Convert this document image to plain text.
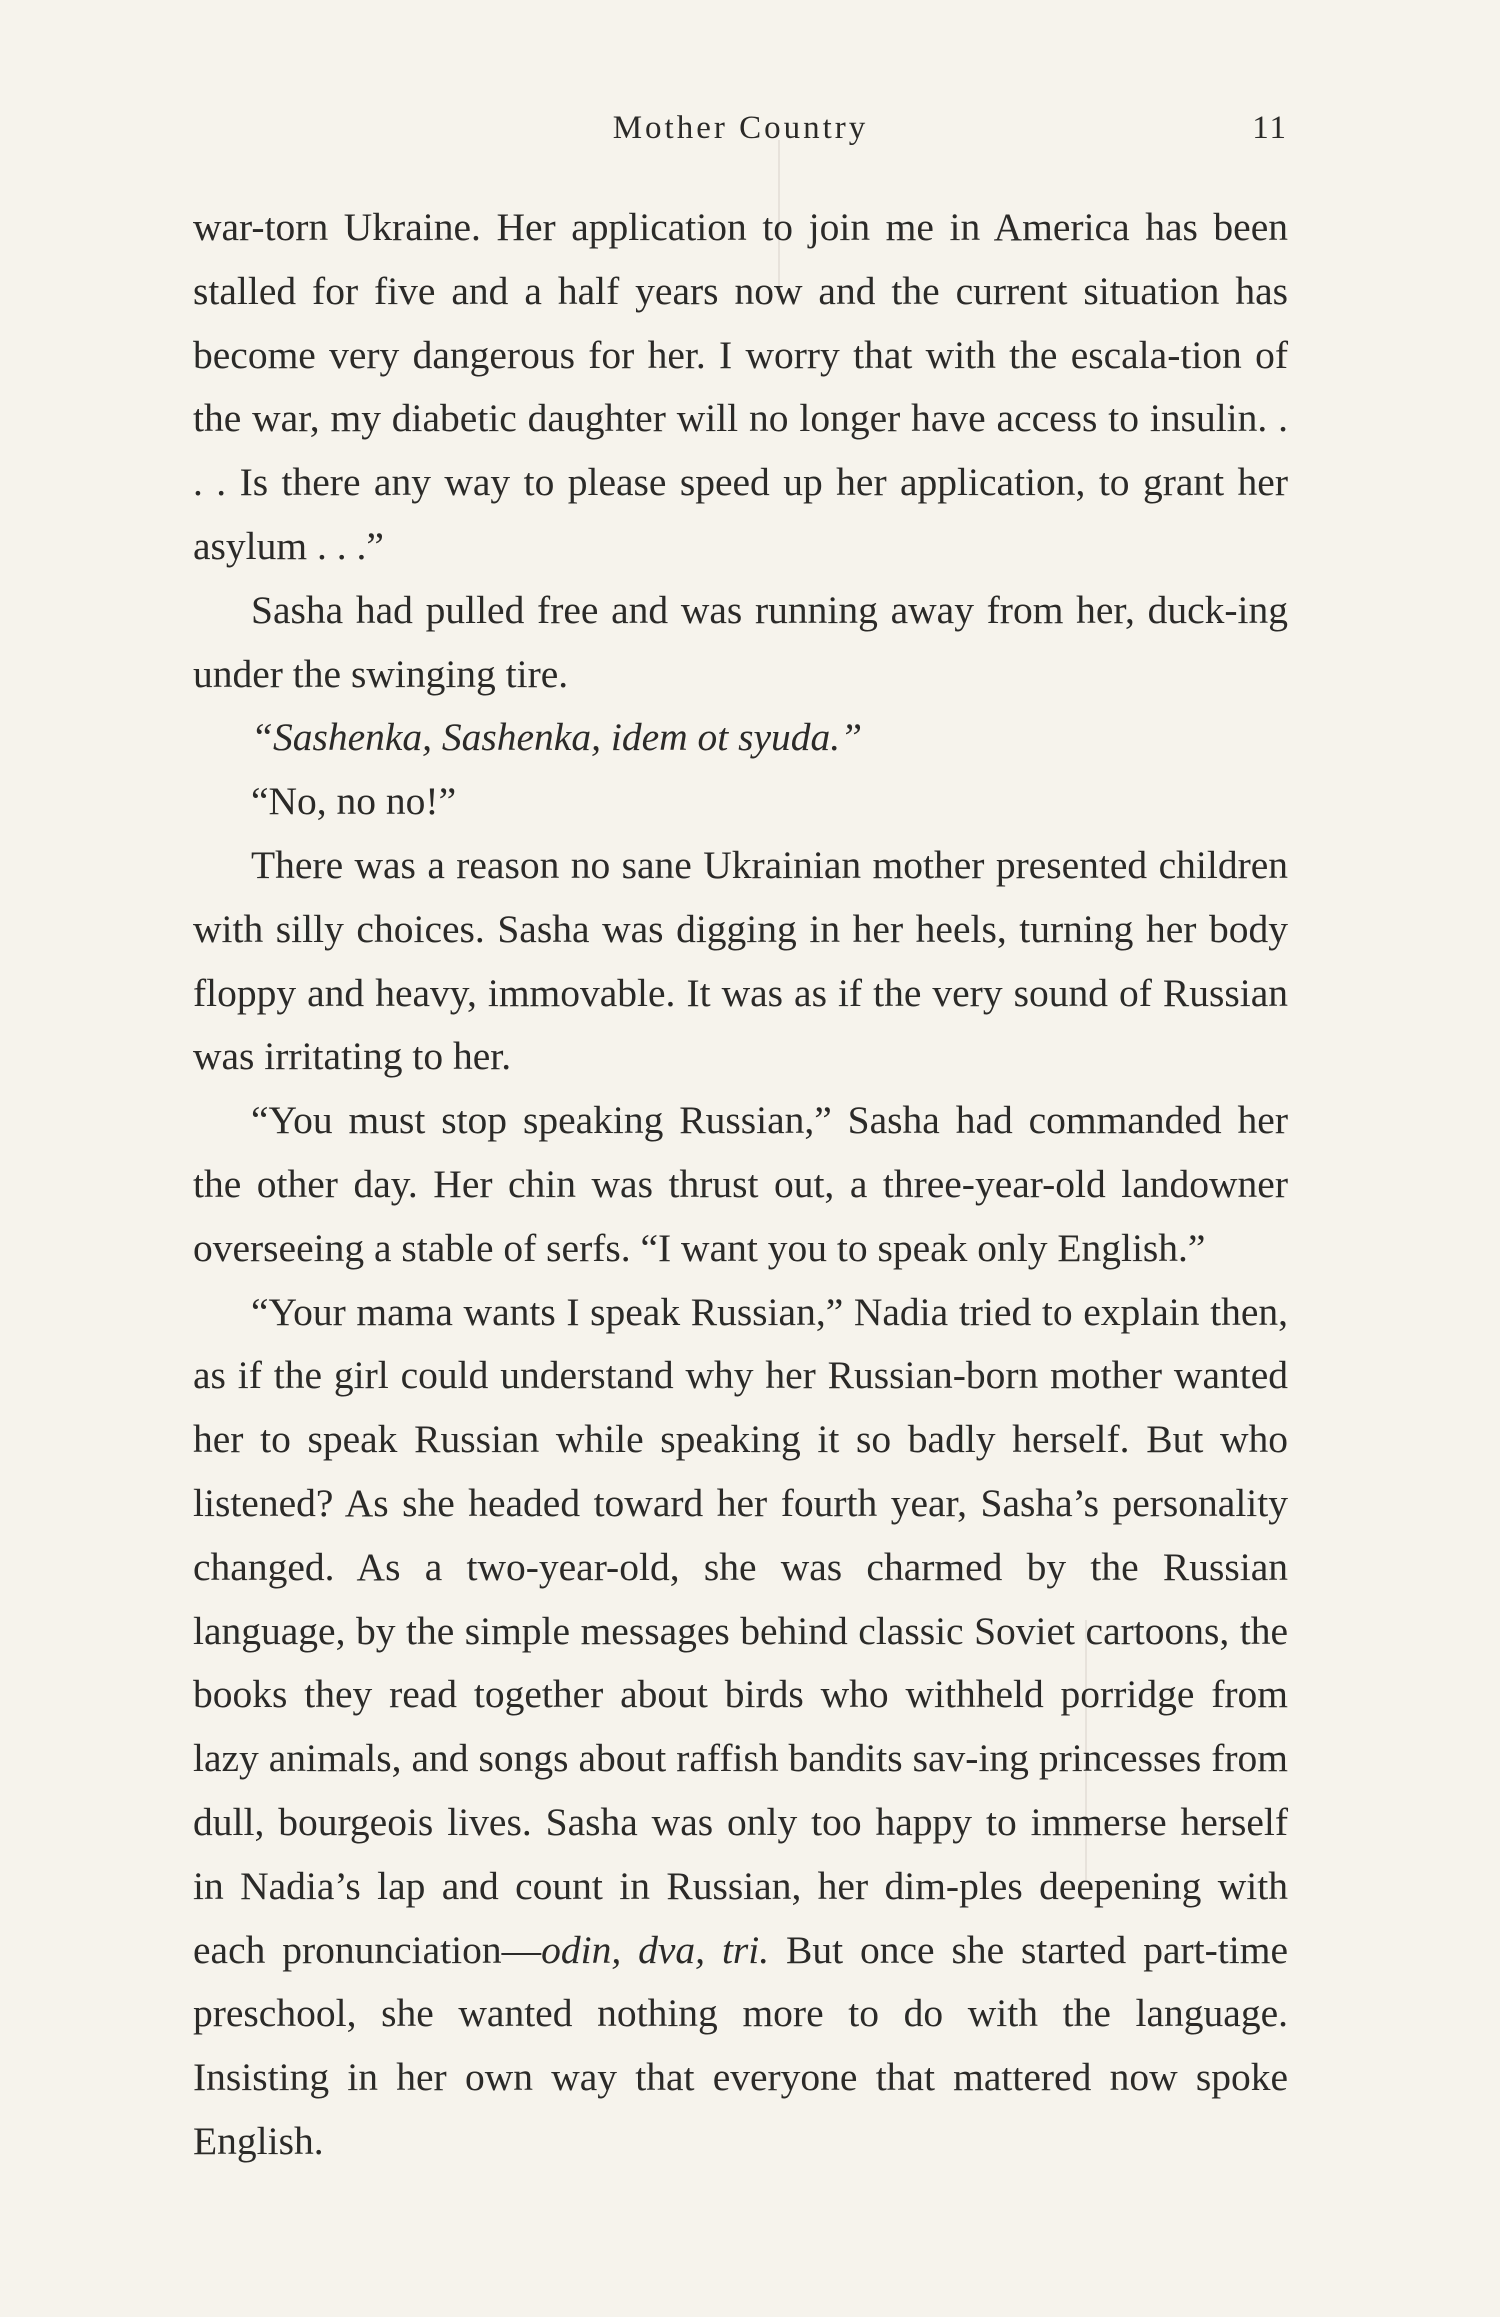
Mother Country	11

war-torn Ukraine. Her application to join me in America has been stalled for five and a half years now and the current situation has become very dangerous for her. I worry that with the escala-tion of the war, my diabetic daughter will no longer have access to insulin. . . . Is there any way to please speed up her application, to grant her asylum . . .”

Sasha had pulled free and was running away from her, duck-ing under the swinging tire.

“Sashenka, Sashenka, idem ot syuda.”

“No, no no!”

There was a reason no sane Ukrainian mother presented children with silly choices. Sasha was digging in her heels, turning her body floppy and heavy, immovable. It was as if the very sound of Russian was irritating to her.

“You must stop speaking Russian,” Sasha had commanded her the other day. Her chin was thrust out, a three-year-old landowner overseeing a stable of serfs. “I want you to speak only English.”

“Your mama wants I speak Russian,” Nadia tried to explain then, as if the girl could understand why her Russian-born mother wanted her to speak Russian while speaking it so badly herself. But who listened? As she headed toward her fourth year, Sasha’s personality changed. As a two-year-old, she was charmed by the Russian language, by the simple messages behind classic Soviet cartoons, the books they read together about birds who withheld porridge from lazy animals, and songs about raffish bandits sav-ing princesses from dull, bourgeois lives. Sasha was only too happy to immerse herself in Nadia’s lap and count in Russian, her dim-ples deepening with each pronunciation—odin, dva, tri. But once she started part-time preschool, she wanted nothing more to do with the language. Insisting in her own way that everyone that mattered now spoke English.
